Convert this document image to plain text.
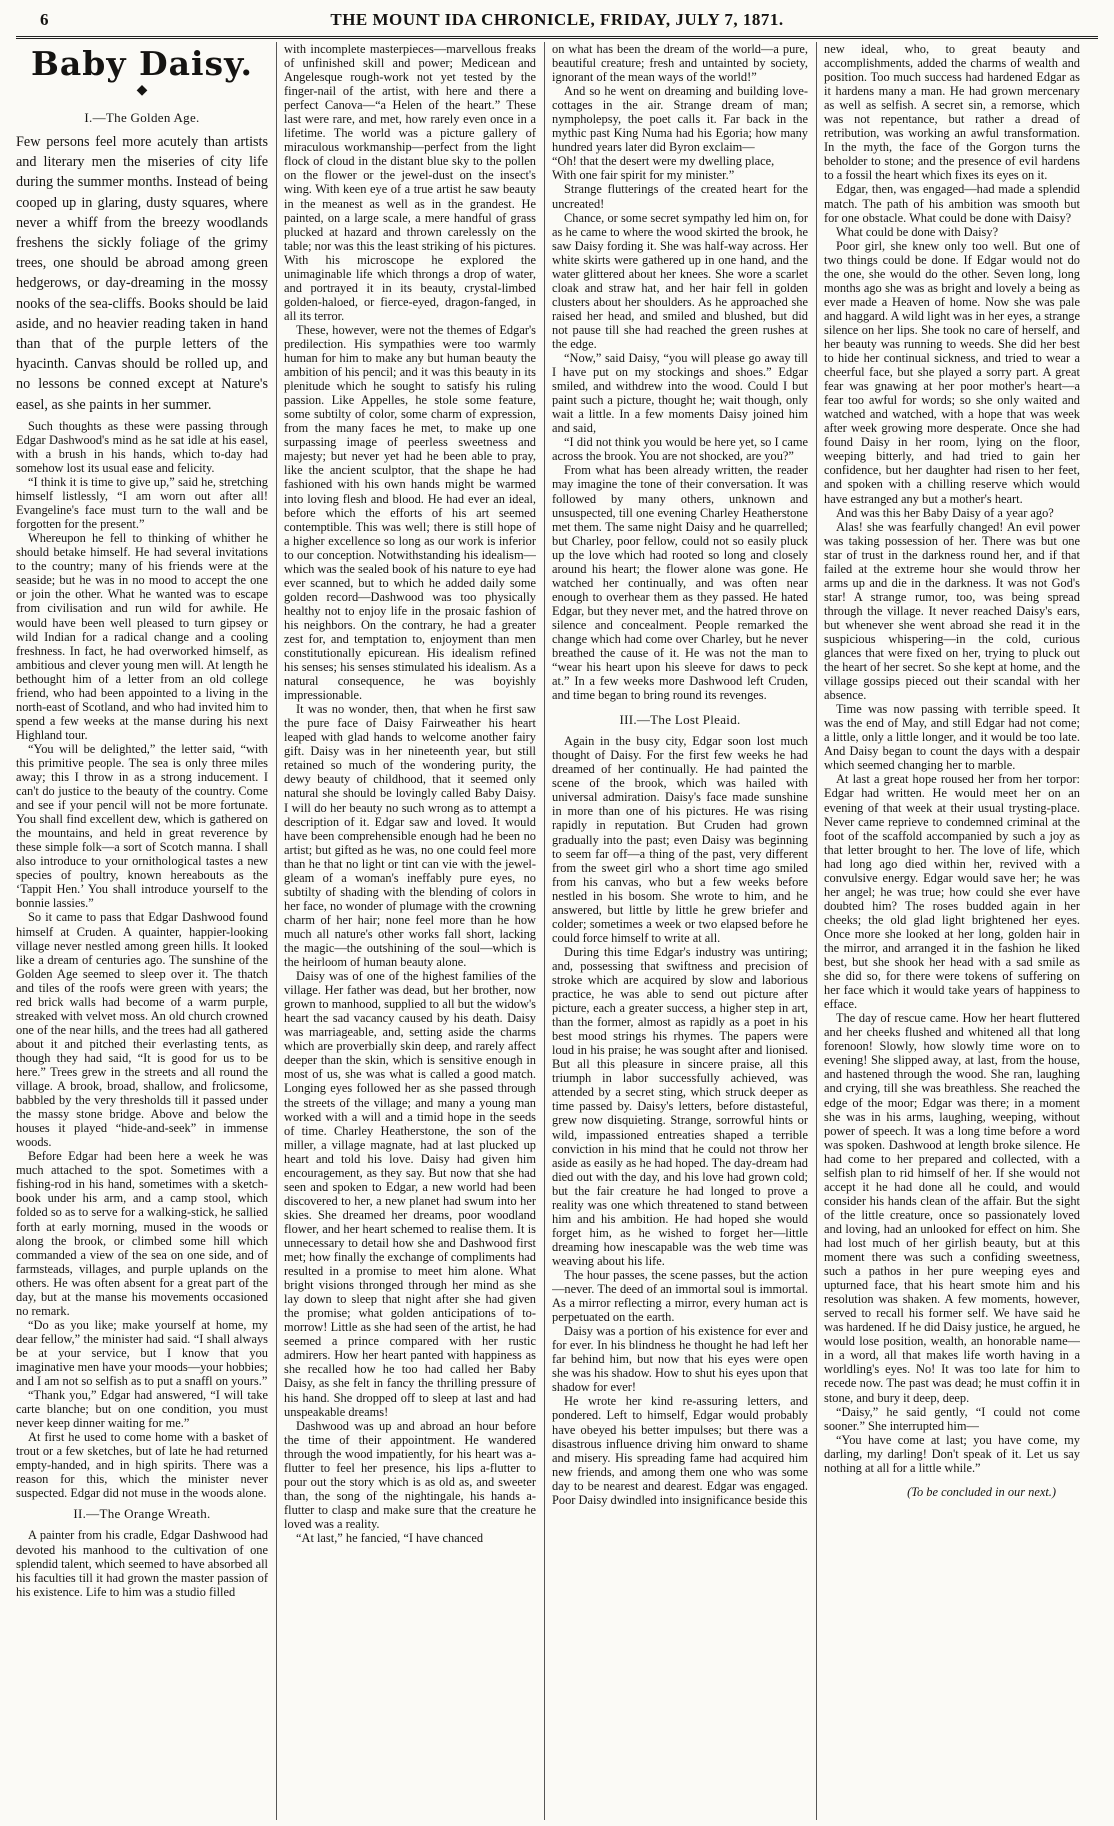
6	THE MOUNT IDA CHRONICLE, FRIDAY, JULY 7, 1871.
Baby Daisy.
◆
I.—The Golden Age.

Few persons feel more acutely than artists and literary men the miseries of city life during the summer months. Instead of being cooped up in glaring, dusty squares, where never a whiff from the breezy woodlands freshens the sickly foliage of the grimy trees, one should be abroad among green hedgerows, or day-dreaming in the mossy nooks of the sea-cliffs. Books should be laid aside, and no heavier reading taken in hand than that of the purple letters of the hyacinth. Canvas should be rolled up, and no lessons be conned except at Nature's easel, as she paints in her summer.

Such thoughts as these were passing through Edgar Dashwood's mind as he sat idle at his easel, with a brush in his hands, which to-day had somehow lost its usual ease and felicity.

“I think it is time to give up,” said he, stretching himself listlessly, “I am worn out after all! Evangeline's face must turn to the wall and be forgotten for the present.”

Whereupon he fell to thinking of whither he should betake himself. He had several invitations to the country; many of his friends were at the seaside; but he was in no mood to accept the one or join the other. What he wanted was to escape from civilisation and run wild for awhile. He would have been well pleased to turn gipsey or wild Indian for a radical change and a cooling freshness. In fact, he had overworked himself, as ambitious and clever young men will. At length he bethought him of a letter from an old college friend, who had been appointed to a living in the north-east of Scotland, and who had invited him to spend a few weeks at the manse during his next Highland tour.

“You will be delighted,” the letter said, “with this primitive people. The sea is only three miles away; this I throw in as a strong inducement. I can't do justice to the beauty of the country. Come and see if your pencil will not be more fortunate. You shall find excellent dew, which is gathered on the mountains, and held in great reverence by these simple folk—a sort of Scotch manna. I shall also introduce to your ornithological tastes a new species of poultry, known hereabouts as the ‘Tappit Hen.’ You shall introduce yourself to the bonnie lassies.”

So it came to pass that Edgar Dashwood found himself at Cruden. A quainter, happier-looking village never nestled among green hills. It looked like a dream of centuries ago. The sunshine of the Golden Age seemed to sleep over it. The thatch and tiles of the roofs were green with years; the red brick walls had become of a warm purple, streaked with velvet moss. An old church crowned one of the near hills, and the trees had all gathered about it and pitched their everlasting tents, as though they had said, “It is good for us to be here.” Trees grew in the streets and all round the village. A brook, broad, shallow, and frolicsome, babbled by the very thresholds till it passed under the massy stone bridge. Above and below the houses it played “hide-and-seek” in immense woods.

Before Edgar had been here a week he was much attached to the spot. Sometimes with a fishing-rod in his hand, sometimes with a sketch-book under his arm, and a camp stool, which folded so as to serve for a walking-stick, he sallied forth at early morning, mused in the woods or along the brook, or climbed some hill which commanded a view of the sea on one side, and of farmsteads, villages, and purple uplands on the others. He was often absent for a great part of the day, but at the manse his movements occasioned no remark.

“Do as you like; make yourself at home, my dear fellow,” the minister had said. “I shall always be at your service, but I know that you imaginative men have your moods—your hobbies; and I am not so selfish as to put a snaffl on yours.”

“Thank you,” Edgar had answered, “I will take carte blanche; but on one condition, you must never keep dinner waiting for me.”

At first he used to come home with a basket of trout or a few sketches, but of late he had returned empty-handed, and in high spirits. There was a reason for this, which the minister never suspected. Edgar did not muse in the woods alone.

II.—The Orange Wreath.

A painter from his cradle, Edgar Dashwood had devoted his manhood to the cultivation of one splendid talent, which seemed to have absorbed all his faculties till it had grown the master passion of his existence. Life to him was a studio filled

with incomplete masterpieces—marvellous freaks of unfinished skill and power; Medicean and Angelesque rough-work not yet tested by the finger-nail of the artist, with here and there a perfect Canova—“a Helen of the heart.” These last were rare, and met, how rarely even once in a lifetime. The world was a picture gallery of miraculous workmanship—perfect from the light flock of cloud in the distant blue sky to the pollen on the flower or the jewel-dust on the insect's wing. With keen eye of a true artist he saw beauty in the meanest as well as in the grandest. He painted, on a large scale, a mere handful of grass plucked at hazard and thrown carelessly on the table; nor was this the least striking of his pictures. With his microscope he explored the unimaginable life which throngs a drop of water, and portrayed it in its beauty, crystal-limbed golden-haloed, or fierce-eyed, dragon-fanged, in all its terror.

These, however, were not the themes of Edgar's predilection. His sympathies were too warmly human for him to make any but human beauty the ambition of his pencil; and it was this beauty in its plenitude which he sought to satisfy his ruling passion. Like Appelles, he stole some feature, some subtilty of color, some charm of expression, from the many faces he met, to make up one surpassing image of peerless sweetness and majesty; but never yet had he been able to pray, like the ancient sculptor, that the shape he had fashioned with his own hands might be warmed into loving flesh and blood. He had ever an ideal, before which the efforts of his art seemed contemptible. This was well; there is still hope of a higher excellence so long as our work is inferior to our conception. Notwithstanding his idealism—which was the sealed book of his nature to eye had ever scanned, but to which he added daily some golden record—Dashwood was too physically healthy not to enjoy life in the prosaic fashion of his neighbors. On the contrary, he had a greater zest for, and temptation to, enjoyment than men constitutionally epicurean. His idealism refined his senses; his senses stimulated his idealism. As a natural consequence, he was boyishly impressionable.

It was no wonder, then, that when he first saw the pure face of Daisy Fairweather his heart leaped with glad hands to welcome another fairy gift. Daisy was in her nineteenth year, but still retained so much of the wondering purity, the dewy beauty of childhood, that it seemed only natural she should be lovingly called Baby Daisy. I will do her beauty no such wrong as to attempt a description of it. Edgar saw and loved. It would have been comprehensible enough had he been no artist; but gifted as he was, no one could feel more than he that no light or tint can vie with the jewel-gleam of a woman's ineffably pure eyes, no subtilty of shading with the blending of colors in her face, no wonder of plumage with the crowning charm of her hair; none feel more than he how much all nature's other works fall short, lacking the magic—the outshining of the soul—which is the heirloom of human beauty alone.

Daisy was of one of the highest families of the village. Her father was dead, but her brother, now grown to manhood, supplied to all but the widow's heart the sad vacancy caused by his death. Daisy was marriageable, and, setting aside the charms which are proverbially skin deep, and rarely affect deeper than the skin, which is sensitive enough in most of us, she was what is called a good match. Longing eyes followed her as she passed through the streets of the village; and many a young man worked with a will and a timid hope in the seeds of time. Charley Heatherstone, the son of the miller, a village magnate, had at last plucked up heart and told his love. Daisy had given him encouragement, as they say. But now that she had seen and spoken to Edgar, a new world had been discovered to her, a new planet had swum into her skies. She dreamed her dreams, poor woodland flower, and her heart schemed to realise them. It is unnecessary to detail how she and Dashwood first met; how finally the exchange of compliments had resulted in a promise to meet him alone. What bright visions thronged through her mind as she lay down to sleep that night after she had given the promise; what golden anticipations of to-morrow! Little as she had seen of the artist, he had seemed a prince compared with her rustic admirers. How her heart panted with happiness as she recalled how he too had called her Baby Daisy, as she felt in fancy the thrilling pressure of his hand. She dropped off to sleep at last and had unspeakable dreams!

Dashwood was up and abroad an hour before the time of their appointment. He wandered through the wood impatiently, for his heart was a-flutter to feel her presence, his lips a-flutter to pour out the story which is as old as, and sweeter than, the song of the nightingale, his hands a-flutter to clasp and make sure that the creature he loved was a reality.

“At last,” he fancied, “I have chanced

on what has been the dream of the world—a pure, beautiful creature; fresh and untainted by society, ignorant of the mean ways of the world!”

And so he went on dreaming and building love-cottages in the air. Strange dream of man; nympholepsy, the poet calls it. Far back in the mythic past King Numa had his Egoria; how many hundred years later did Byron exclaim—

“Oh! that the desert were my dwelling place,

With one fair spirit for my minister.”

Strange flutterings of the created heart for the uncreated!

Chance, or some secret sympathy led him on, for as he came to where the wood skirted the brook, he saw Daisy fording it. She was half-way across. Her white skirts were gathered up in one hand, and the water glittered about her knees. She wore a scarlet cloak and straw hat, and her hair fell in golden clusters about her shoulders. As he approached she raised her head, and smiled and blushed, but did not pause till she had reached the green rushes at the edge.

“Now,” said Daisy, “you will please go away till I have put on my stockings and shoes.” Edgar smiled, and withdrew into the wood. Could I but paint such a picture, thought he; wait though, only wait a little. In a few moments Daisy joined him and said,

“I did not think you would be here yet, so I came across the brook. You are not shocked, are you?”

From what has been already written, the reader may imagine the tone of their conversation. It was followed by many others, unknown and unsuspected, till one evening Charley Heatherstone met them. The same night Daisy and he quarrelled; but Charley, poor fellow, could not so easily pluck up the love which had rooted so long and closely around his heart; the flower alone was gone. He watched her continually, and was often near enough to overhear them as they passed. He hated Edgar, but they never met, and the hatred throve on silence and concealment. People remarked the change which had come over Charley, but he never breathed the cause of it. He was not the man to “wear his heart upon his sleeve for daws to peck at.” In a few weeks more Dashwood left Cruden, and time began to bring round its revenges.

III.—The Lost Pleaid.

Again in the busy city, Edgar soon lost much thought of Daisy. For the first few weeks he had dreamed of her continually. He had painted the scene of the brook, which was hailed with universal admiration. Daisy's face made sunshine in more than one of his pictures. He was rising rapidly in reputation. But Cruden had grown gradually into the past; even Daisy was beginning to seem far off—a thing of the past, very different from the sweet girl who a short time ago smiled from his canvas, who but a few weeks before nestled in his bosom. She wrote to him, and he answered, but little by little he grew briefer and colder; sometimes a week or two elapsed before he could force himself to write at all.

During this time Edgar's industry was untiring; and, possessing that swiftness and precision of stroke which are acquired by slow and laborious practice, he was able to send out picture after picture, each a greater success, a higher step in art, than the former, almost as rapidly as a poet in his best mood strings his rhymes. The papers were loud in his praise; he was sought after and lionised. But all this pleasure in sincere praise, all this triumph in labor successfully achieved, was attended by a secret sting, which struck deeper as time passed by. Daisy's letters, before distasteful, grew now disquieting. Strange, sorrowful hints or wild, impassioned entreaties shaped a terrible conviction in his mind that he could not throw her aside as easily as he had hoped. The day-dream had died out with the day, and his love had grown cold; but the fair creature he had longed to prove a reality was one which threatened to stand between him and his ambition. He had hoped she would forget him, as he wished to forget her—little dreaming how inescapable was the web time was weaving about his life.

The hour passes, the scene passes, but the action—never. The deed of an immortal soul is immortal. As a mirror reflecting a mirror, every human act is perpetuated on the earth.

Daisy was a portion of his existence for ever and for ever. In his blindness he thought he had left her far behind him, but now that his eyes were open she was his shadow. How to shut his eyes upon that shadow for ever!

He wrote her kind re-assuring letters, and pondered. Left to himself, Edgar would probably have obeyed his better impulses; but there was a disastrous influence driving him onward to shame and misery. His spreading fame had acquired him new friends, and among them one who was some day to be nearest and dearest. Edgar was engaged. Poor Daisy dwindled into insignificance beside this

new ideal, who, to great beauty and accomplishments, added the charms of wealth and position. Too much success had hardened Edgar as it hardens many a man. He had grown mercenary as well as selfish. A secret sin, a remorse, which was not repentance, but rather a dread of retribution, was working an awful transformation. In the myth, the face of the Gorgon turns the beholder to stone; and the presence of evil hardens to a fossil the heart which fixes its eyes on it.

Edgar, then, was engaged—had made a splendid match. The path of his ambition was smooth but for one obstacle. What could be done with Daisy?

What could be done with Daisy?

Poor girl, she knew only too well. But one of two things could be done. If Edgar would not do the one, she would do the other. Seven long, long months ago she was as bright and lovely a being as ever made a Heaven of home. Now she was pale and haggard. A wild light was in her eyes, a strange silence on her lips. She took no care of herself, and her beauty was running to weeds. She did her best to hide her continual sickness, and tried to wear a cheerful face, but she played a sorry part. A great fear was gnawing at her poor mother's heart—a fear too awful for words; so she only waited and watched and watched, with a hope that was week after week growing more desperate. Once she had found Daisy in her room, lying on the floor, weeping bitterly, and had tried to gain her confidence, but her daughter had risen to her feet, and spoken with a chilling reserve which would have estranged any but a mother's heart.

And was this her Baby Daisy of a year ago?

Alas! she was fearfully changed! An evil power was taking possession of her. There was but one star of trust in the darkness round her, and if that failed at the extreme hour she would throw her arms up and die in the darkness. It was not God's star! A strange rumor, too, was being spread through the village. It never reached Daisy's ears, but whenever she went abroad she read it in the suspicious whispering—in the cold, curious glances that were fixed on her, trying to pluck out the heart of her secret. So she kept at home, and the village gossips pieced out their scandal with her absence.

Time was now passing with terrible speed. It was the end of May, and still Edgar had not come; a little, only a little longer, and it would be too late. And Daisy began to count the days with a despair which seemed changing her to marble.

At last a great hope roused her from her torpor: Edgar had written. He would meet her on an evening of that week at their usual trysting-place. Never came reprieve to condemned criminal at the foot of the scaffold accompanied by such a joy as that letter brought to her. The love of life, which had long ago died within her, revived with a convulsive energy. Edgar would save her; he was her angel; he was true; how could she ever have doubted him? The roses budded again in her cheeks; the old glad light brightened her eyes. Once more she looked at her long, golden hair in the mirror, and arranged it in the fashion he liked best, but she shook her head with a sad smile as she did so, for there were tokens of suffering on her face which it would take years of happiness to efface.

The day of rescue came. How her heart fluttered and her cheeks flushed and whitened all that long forenoon! Slowly, how slowly time wore on to evening! She slipped away, at last, from the house, and hastened through the wood. She ran, laughing and crying, till she was breathless. She reached the edge of the moor; Edgar was there; in a moment she was in his arms, laughing, weeping, without power of speech. It was a long time before a word was spoken. Dashwood at length broke silence. He had come to her prepared and collected, with a selfish plan to rid himself of her. If she would not accept it he had done all he could, and would consider his hands clean of the affair. But the sight of the little creature, once so passionately loved and loving, had an unlooked for effect on him. She had lost much of her girlish beauty, but at this moment there was such a confiding sweetness, such a pathos in her pure weeping eyes and upturned face, that his heart smote him and his resolution was shaken. A few moments, however, served to recall his former self. We have said he was hardened. If he did Daisy justice, he argued, he would lose position, wealth, an honorable name—in a word, all that makes life worth having in a worldling's eyes. No! It was too late for him to recede now. The past was dead; he must coffin it in stone, and bury it deep, deep.

“Daisy,” he said gently, “I could not come sooner.” She interrupted him—

“You have come at last; you have come, my darling, my darling! Don't speak of it. Let us say nothing at all for a little while.”

(To be concluded in our next.)
